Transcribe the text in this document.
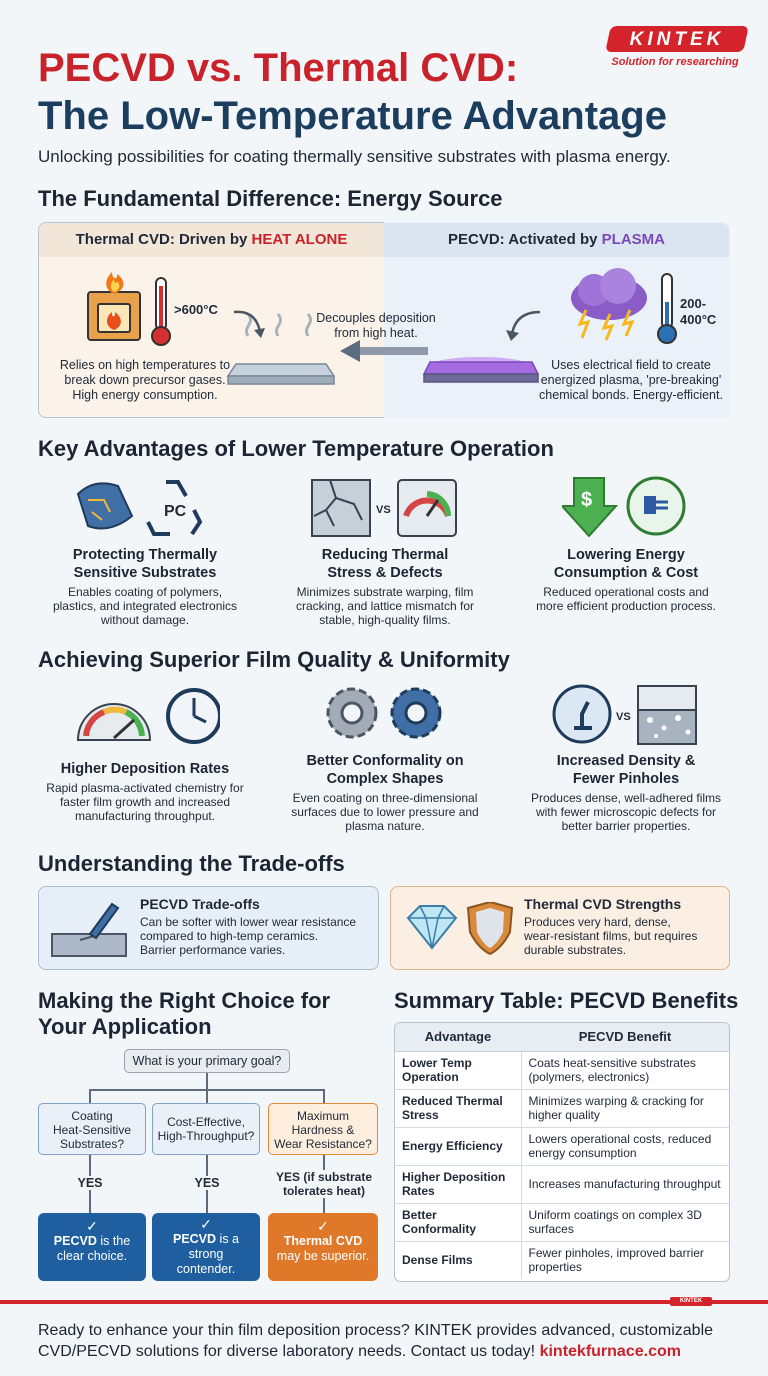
KINTEK
Solution for researching
PECVD vs. Thermal CVD:
The Low-Temperature Advantage
Unlocking possibilities for coating thermally sensitive substrates with plasma energy.
The Fundamental Difference: Energy Source
Thermal CVD: Driven by HEAT ALONE	PECVD: Activated by PLASMA
>600°C
Relies on high temperatures to
break down precursor gases.
High energy consumption.
Decouples deposition
from high heat.
200-
400°C
Uses electrical field to create
energized plasma, 'pre-breaking'
chemical bonds. Energy-efficient.
Key Advantages of Lower Temperature Operation
PC	VS	$
Protecting Thermally
Sensitive Substrates
Enables coating of polymers,
plastics, and integrated electronics
without damage.
Reducing Thermal
Stress & Defects
Minimizes substrate warping, film
cracking, and lattice mismatch for
stable, high-quality films.
Lowering Energy
Consumption & Cost
Reduced operational costs and
more efficient production process.
Achieving Superior Film Quality & Uniformity
VS
Higher Deposition Rates
Rapid plasma-activated chemistry for
faster film growth and increased
manufacturing throughput.
Better Conformality on
Complex Shapes
Even coating on three-dimensional
surfaces due to lower pressure and
plasma nature.
Increased Density &
Fewer Pinholes
Produces dense, well-adhered films
with fewer microscopic defects for
better barrier properties.
Understanding the Trade-offs
PECVD Trade-offs
Can be softer with lower wear resistance
compared to high-temp ceramics.
Barrier performance varies.
Thermal CVD Strengths
Produces very hard, dense,
wear-resistant films, but requires
durable substrates.
Making the Right Choice for
Your Application
What is your primary goal?
Coating
Heat-Sensitive
Substrates?
Cost-Effective,
High-Throughput?
Maximum
Hardness &
Wear Resistance?
YES	YES	YES (if substrate
tolerates heat)
✓
PECVD is the
clear choice.
✓
PECVD is a
strong
contender.
✓
Thermal CVD
may be superior.
Summary Table: PECVD Benefits
Advantage	PECVD Benefit
Lower Temp Operation	Coats heat-sensitive substrates (polymers, electronics)
Reduced Thermal Stress	Minimizes warping & cracking for higher quality
Energy Efficiency	Lowers operational costs, reduced energy consumption
Higher Deposition Rates	Increases manufacturing throughput
Better Conformality	Uniform coatings on complex 3D surfaces
Dense Films	Fewer pinholes, improved barrier properties
KINTEK
Ready to enhance your thin film deposition process? KINTEK provides advanced, customizable CVD/PECVD solutions for diverse laboratory needs. Contact us today! kintekfurnace.com
